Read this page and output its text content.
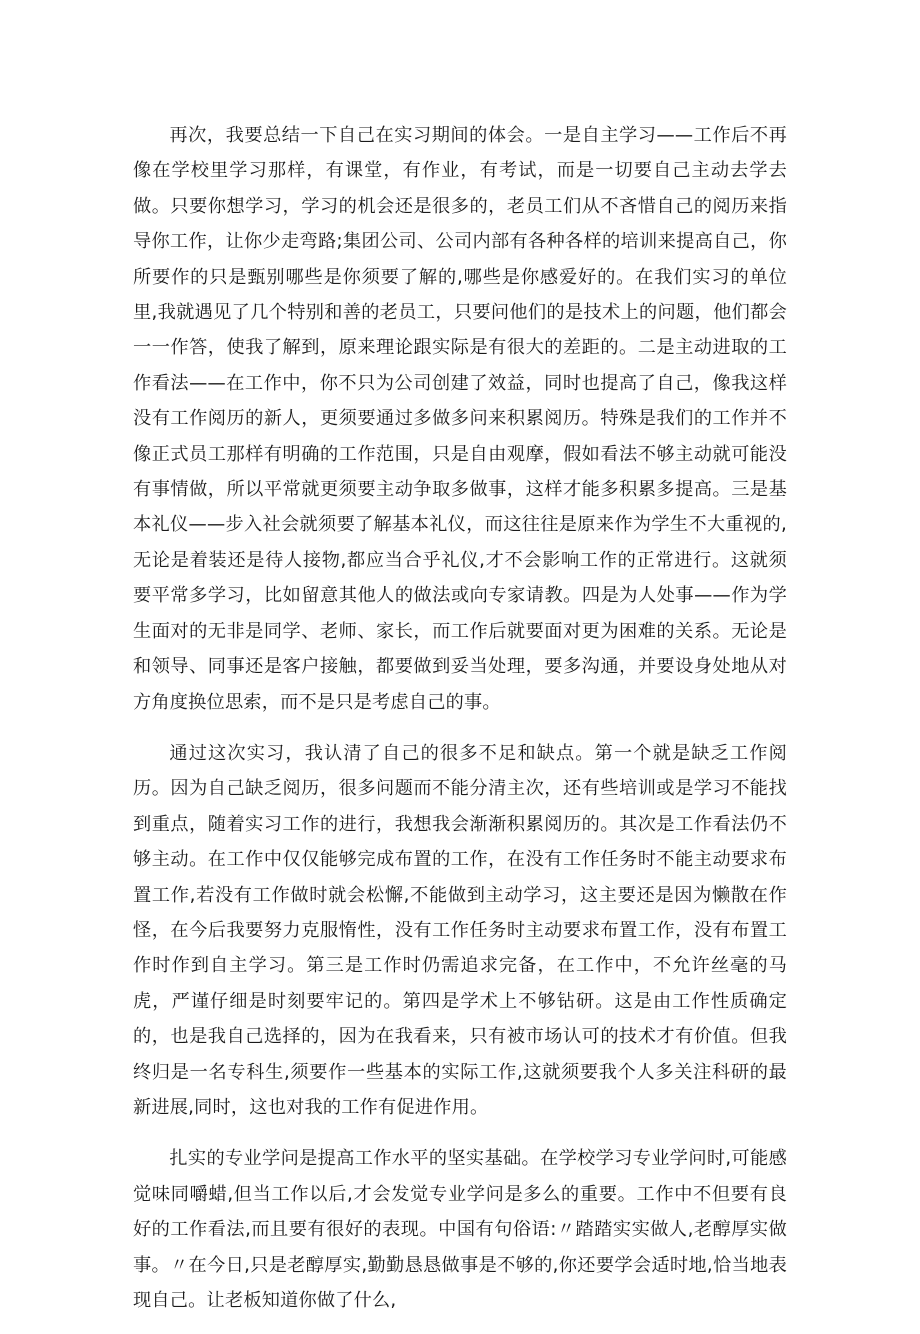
再次，我要总结一下自己在实习期间的体会。一是自主学习——工作后不再像在学校里学习那样，有课堂，有作业，有考试，而是一切要自己主动去学去做。只要你想学习，学习的机会还是很多的，老员工们从不吝惜自己的阅历来指导你工作，让你少走弯路;集团公司、公司内部有各种各样的培训来提高自己，你所要作的只是甄别哪些是你须要了解的,哪些是你感爱好的。在我们实习的单位里,我就遇见了几个特别和善的老员工，只要问他们的是技术上的问题，他们都会一一作答，使我了解到，原来理论跟实际是有很大的差距的。二是主动进取的工作看法——在工作中，你不只为公司创建了效益，同时也提高了自己，像我这样没有工作阅历的新人，更须要通过多做多问来积累阅历。特殊是我们的工作并不像正式员工那样有明确的工作范围，只是自由观摩，假如看法不够主动就可能没有事情做，所以平常就更须要主动争取多做事，这样才能多积累多提高。三是基本礼仪——步入社会就须要了解基本礼仪，而这往往是原来作为学生不大重视的,无论是着装还是待人接物,都应当合乎礼仪,才不会影响工作的正常进行。这就须要平常多学习，比如留意其他人的做法或向专家请教。四是为人处事——作为学生面对的无非是同学、老师、家长，而工作后就要面对更为困难的关系。无论是和领导、同事还是客户接触，都要做到妥当处理，要多沟通，并要设身处地从对方角度换位思索，而不是只是考虑自己的事。

通过这次实习，我认清了自己的很多不足和缺点。第一个就是缺乏工作阅历。因为自己缺乏阅历，很多问题而不能分清主次，还有些培训或是学习不能找到重点，随着实习工作的进行，我想我会渐渐积累阅历的。其次是工作看法仍不够主动。在工作中仅仅能够完成布置的工作，在没有工作任务时不能主动要求布置工作,若没有工作做时就会松懈,不能做到主动学习，这主要还是因为懒散在作怪，在今后我要努力克服惰性，没有工作任务时主动要求布置工作，没有布置工作时作到自主学习。第三是工作时仍需追求完备，在工作中，不允许丝毫的马虎，严谨仔细是时刻要牢记的。第四是学术上不够钻研。这是由工作性质确定的，也是我自己选择的，因为在我看来，只有被市场认可的技术才有价值。但我终归是一名专科生,须要作一些基本的实际工作,这就须要我个人多关注科研的最新进展,同时，这也对我的工作有促进作用。

扎实的专业学问是提高工作水平的坚实基础。在学校学习专业学问时,可能感觉味同嚼蜡,但当工作以后,才会发觉专业学问是多么的重要。工作中不但要有良好的工作看法,而且要有很好的表现。中国有句俗语:〃踏踏实实做人,老醇厚实做事。〃在今日,只是老醇厚实,勤勤恳恳做事是不够的,你还要学会适时地,恰当地表现自己。让老板知道你做了什么,
